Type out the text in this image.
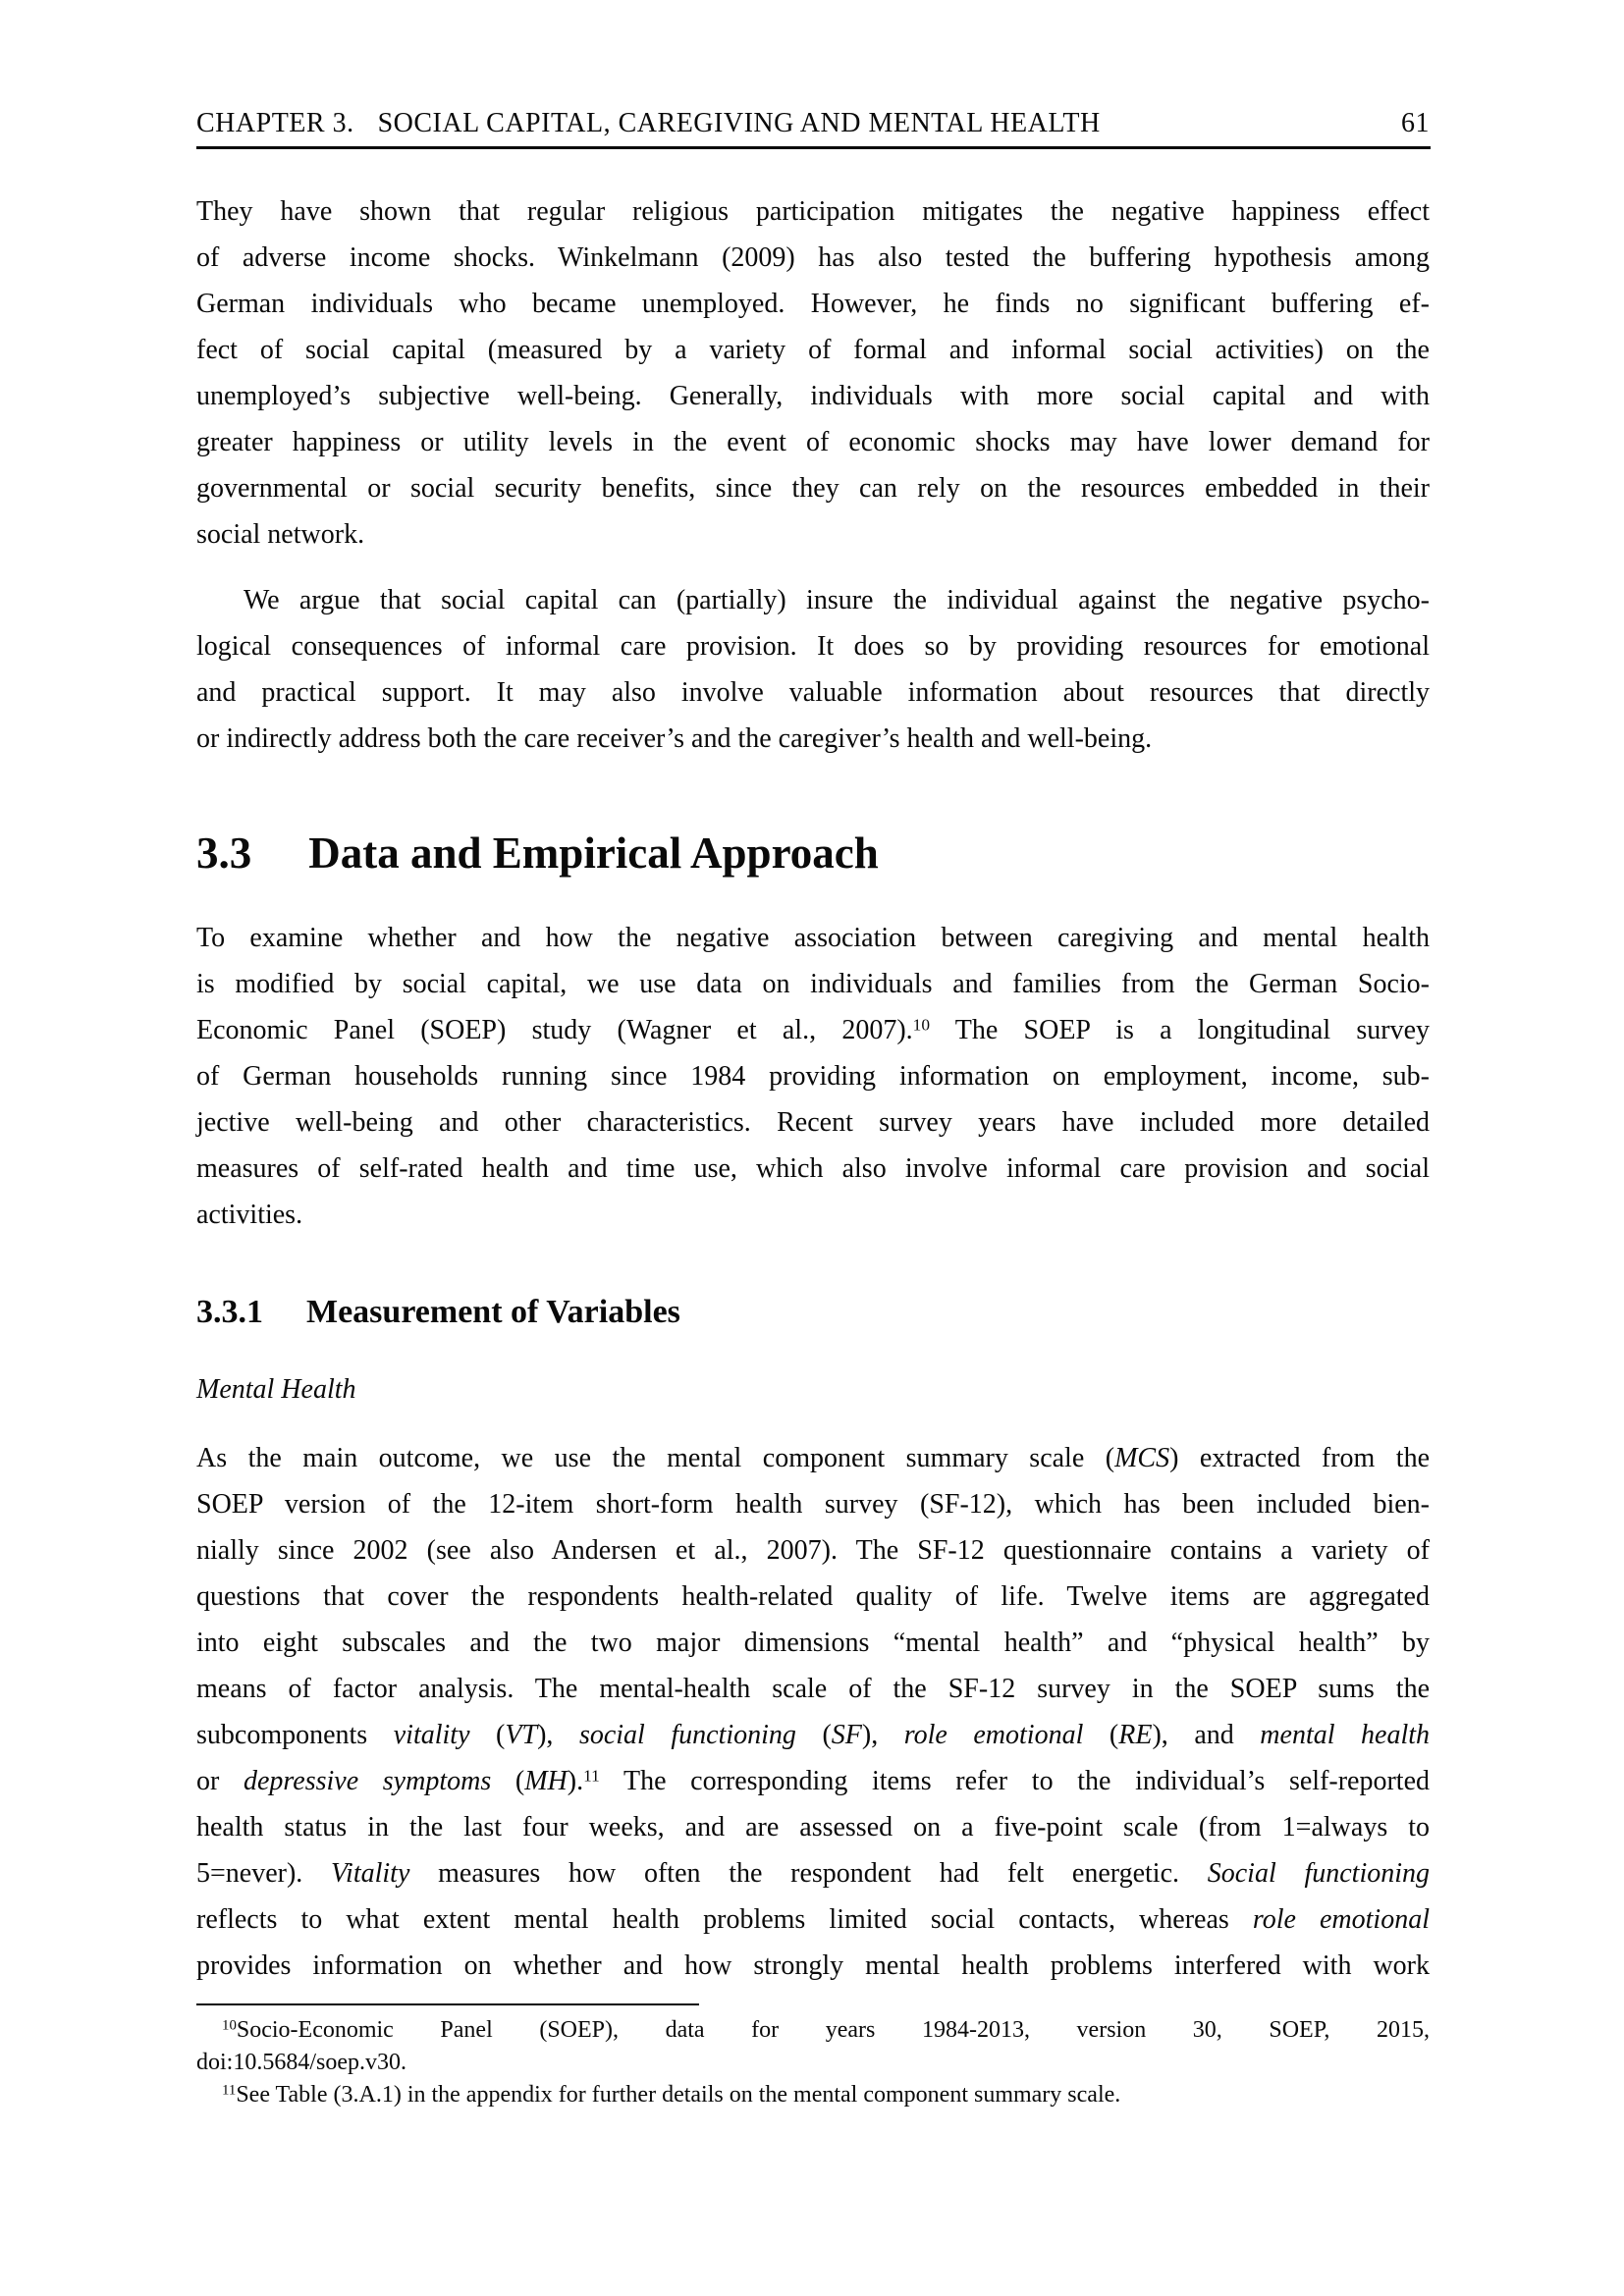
CHAPTER 3. SOCIAL CAPITAL, CAREGIVING AND MENTAL HEALTH	61
They have shown that regular religious participation mitigates the negative happiness effect
of adverse income shocks. Winkelmann (2009) has also tested the buffering hypothesis among
German individuals who became unemployed. However, he finds no significant buffering ef-
fect of social capital (measured by a variety of formal and informal social activities) on the
unemployed’s subjective well-being. Generally, individuals with more social capital and with
greater happiness or utility levels in the event of economic shocks may have lower demand for
governmental or social security benefits, since they can rely on the resources embedded in their
social network.
We argue that social capital can (partially) insure the individual against the negative psycho-
logical consequences of informal care provision. It does so by providing resources for emotional
and practical support. It may also involve valuable information about resources that directly
or indirectly address both the care receiver’s and the caregiver’s health and well-being.
3.3 Data and Empirical Approach
To examine whether and how the negative association between caregiving and mental health
is modified by social capital, we use data on individuals and families from the German Socio-
Economic Panel (SOEP) study (Wagner et al., 2007).$^{10}$ The SOEP is a longitudinal survey
of German households running since 1984 providing information on employment, income, sub-
jective well-being and other characteristics. Recent survey years have included more detailed
measures of self-rated health and time use, which also involve informal care provision and social
activities.
3.3.1 Measurement of Variables
Mental Health
As the main outcome, we use the mental component summary scale (MCS) extracted from the
SOEP version of the 12-item short-form health survey (SF-12), which has been included bien-
nially since 2002 (see also Andersen et al., 2007). The SF-12 questionnaire contains a variety of
questions that cover the respondents health-related quality of life. Twelve items are aggregated
into eight subscales and the two major dimensions “mental health” and “physical health” by
means of factor analysis. The mental-health scale of the SF-12 survey in the SOEP sums the
subcomponents vitality (VT), social functioning (SF), role emotional (RE), and mental health
or depressive symptoms (MH).$^{11}$ The corresponding items refer to the individual’s self-reported
health status in the last four weeks, and are assessed on a five-point scale (from 1=always to
5=never). Vitality measures how often the respondent had felt energetic. Social functioning
reflects to what extent mental health problems limited social contacts, whereas role emotional
provides information on whether and how strongly mental health problems interfered with work
$^{10}$Socio-Economic Panel (SOEP), data for years 1984-2013, version 30, SOEP, 2015,
doi:10.5684/soep.v30.
$^{11}$See Table (3.A.1) in the appendix for further details on the mental component summary scale.
